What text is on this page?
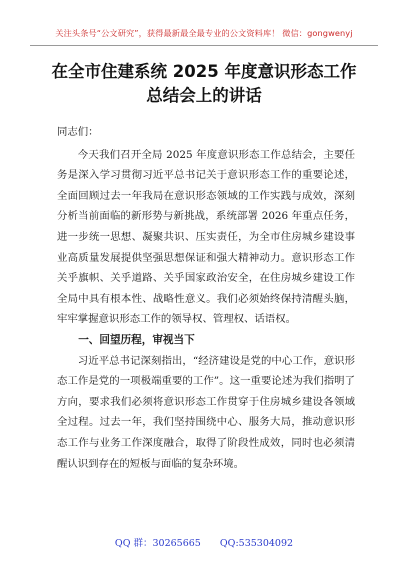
关注头条号“公文研究”，获得最新最全最专业的公文资料库！ 微信：gongwenyj
在全市住建系统 2025 年度意识形态工作
总结会上的讲话

同志们：

今天我们召开全局 2025 年度意识形态工作总结会，主要任务是深入学习贯彻习近平总书记关于意识形态工作的重要论述，全面回顾过去一年我局在意识形态领域的工作实践与成效，深刻分析当前面临的新形势与新挑战，系统部署 2026 年重点任务，进一步统一思想、凝聚共识、压实责任，为全市住房城乡建设事业高质量发展提供坚强思想保证和强大精神动力。意识形态工作关乎旗帜、关乎道路、关乎国家政治安全，在住房城乡建设工作全局中具有根本性、战略性意义。我们必须始终保持清醒头脑，牢牢掌握意识形态工作的领导权、管理权、话语权。

一、回望历程，审视当下

习近平总书记深刻指出，“经济建设是党的中心工作，意识形态工作是党的一项极端重要的工作”。这一重要论述为我们指明了方向，要求我们必须将意识形态工作贯穿于住房城乡建设各领域全过程。过去一年，我们坚持围绕中心、服务大局，推动意识形态工作与业务工作深度融合，取得了阶段性成效，同时也必须清醒认识到存在的短板与面临的复杂环境。

QQ 群：30265665 QQ:535304092
